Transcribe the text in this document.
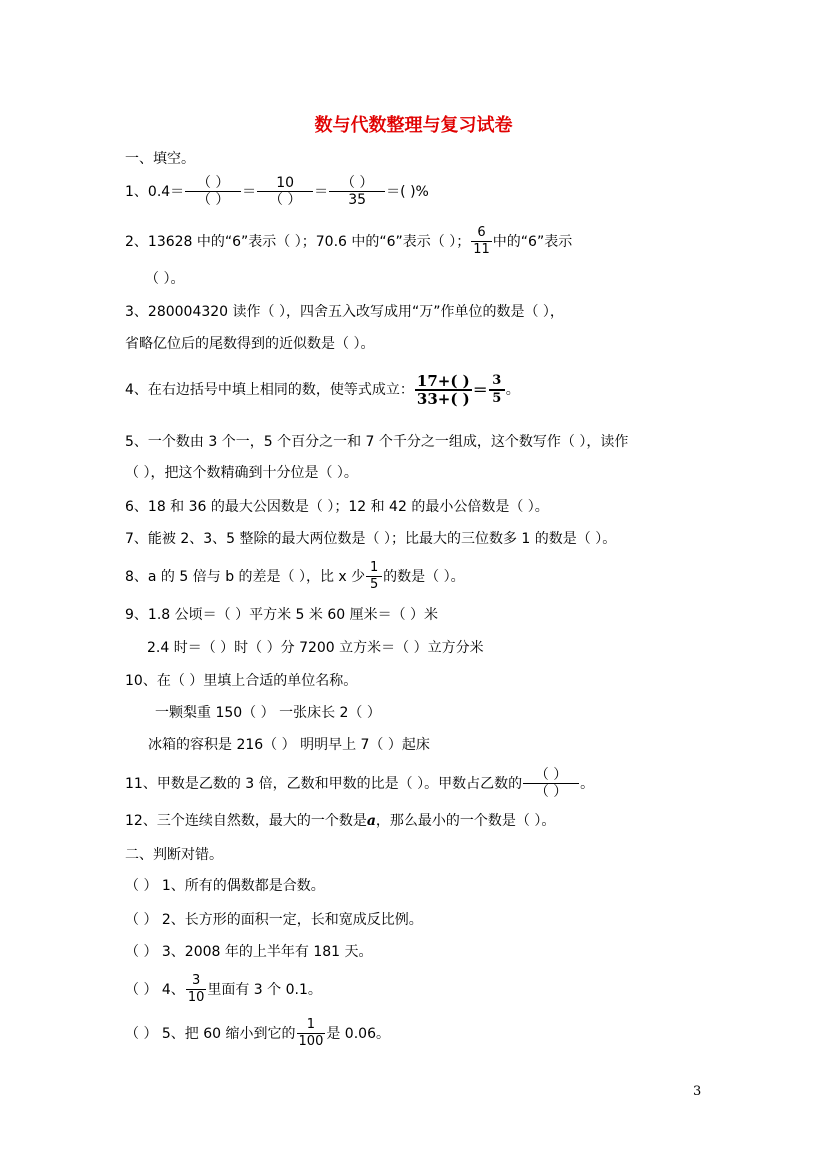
数与代数整理与复习试卷
一、填空。
1、$0.4= \frac{( )}{( )} = \frac{10}{( )} = \frac{( )}{35}$ ＝( )%
2、13628 中的“6”表示（ ）；70.6 中的“6”表示（ ）； $\frac{6}{11}$ 中的“6”表示
（ ）。
3、280004320 读作（ ），四舍五入改写成用“万”作单位的数是（ ），
省略亿位后的尾数得到的近似数是（ ）。
4、在右边括号中填上相同的数，使等式成立： $\frac{17+( )}{33+( )} = \frac{3}{5}$ 。
5、一个数由 3 个一，5 个百分之一和 7 个千分之一组成，这个数写作（ ），读作
（ ），把这个数精确到十分位是（ ）。
6、18 和 36 的最大公因数是（ ）；12 和 42 的最小公倍数是（ ）。
7、能被 2、3、5 整除的最大两位数是（ ）；比最大的三位数多 1 的数是（ ）。
8、a 的 5 倍与 b 的差是（ ），比 x 少 $\frac{1}{5}$ 的数是（ ）。
9、1.8 公顷＝（ ）平方米 5 米 60 厘米＝（ ）米
2.4 时＝（ ）时（ ）分 7200 立方米＝（ ）立方分米
10、在（ ）里填上合适的单位名称。
一颗梨重 150（ ） 一张床长 2（ ）
冰箱的容积是 216（ ） 明明早上 7（ ）起床
11、甲数是乙数的 3 倍，乙数和甲数的比是（ ）。甲数占乙数的 $\frac{( )}{( )}$ 。
12、三个连续自然数，最大的一个数是a，那么最小的一个数是（ ）。
二、判断对错。
（ ） 1、所有的偶数都是合数。
（ ） 2、长方形的面积一定，长和宽成反比例。
（ ） 3、2008 年的上半年有 181 天。
（ ） 4、 $\frac{3}{10}$ 里面有 3 个 0.1。
（ ） 5、把 60 缩小到它的 $\frac{1}{100}$ 是 0.06。
3
